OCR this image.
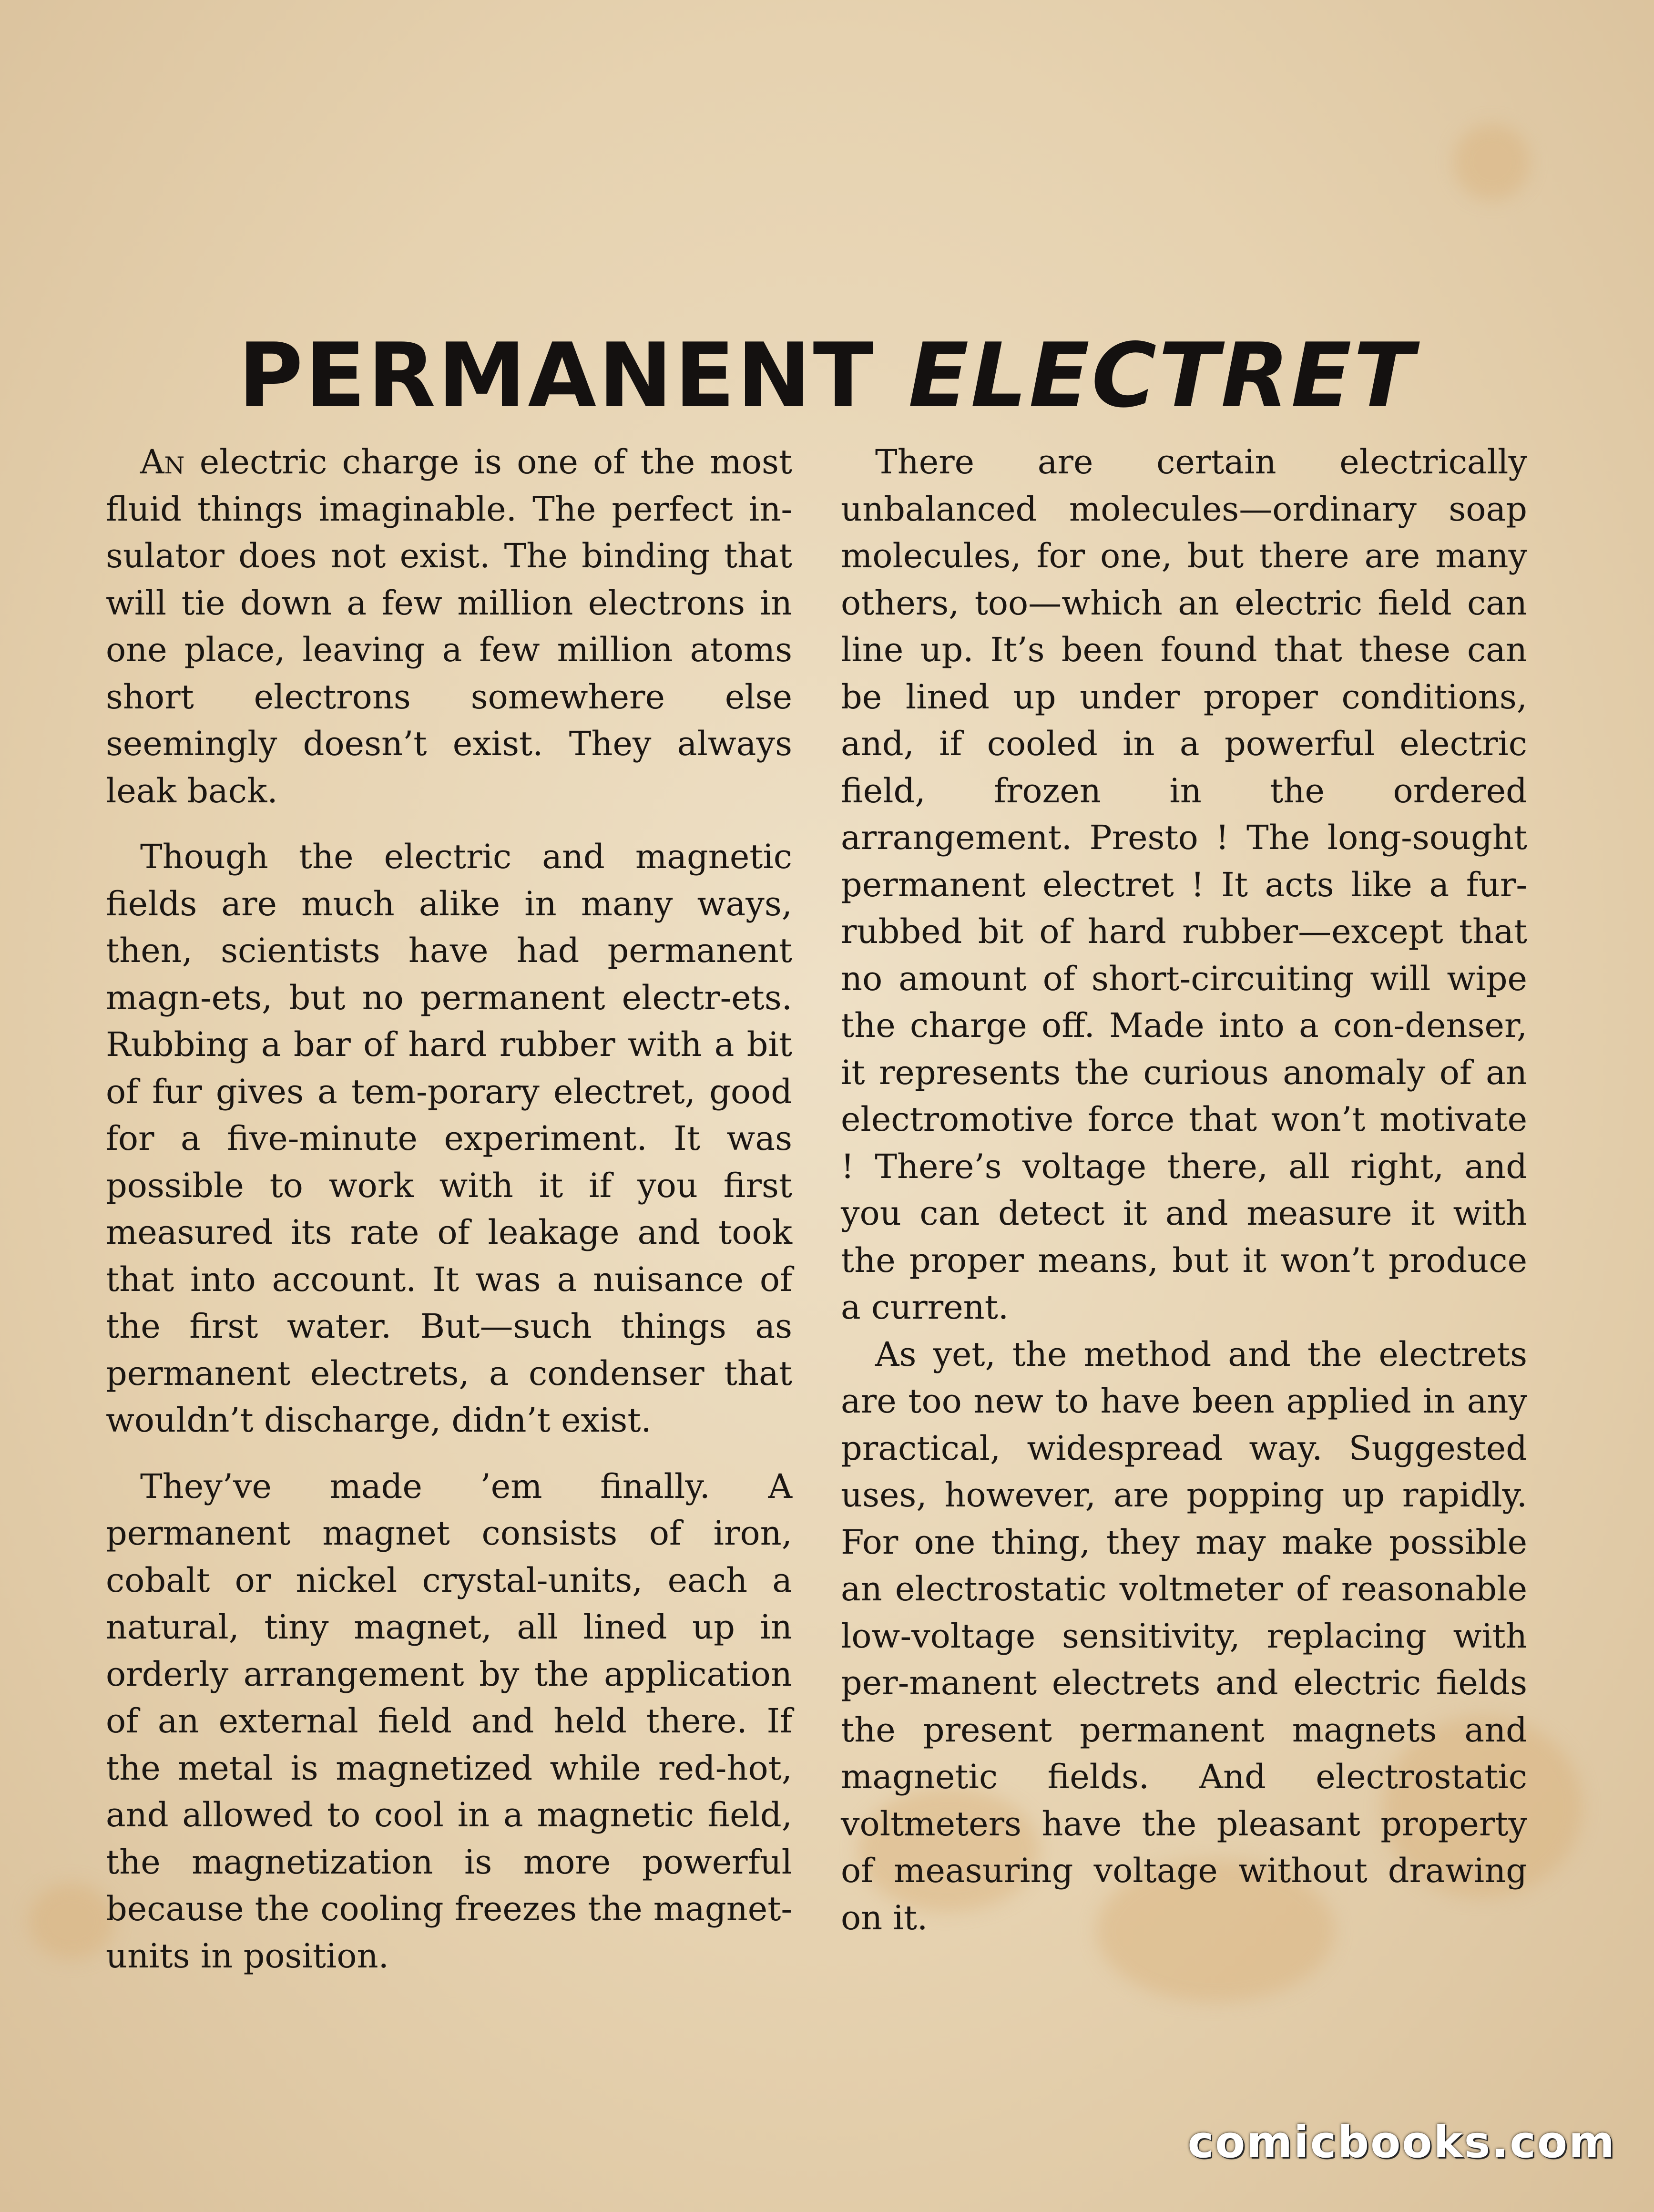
PERMANENT ELECTRET

An electric charge is one of the most fluid things imaginable. The perfect in-sulator does not exist. The binding that will tie down a few million electrons in one place, leaving a few million atoms short electrons somewhere else seemingly doesn’t exist. They always leak back.

Though the electric and magnetic fields are much alike in many ways, then, scientists have had permanent magn-ets, but no permanent electr-ets. Rubbing a bar of hard rubber with a bit of fur gives a tem-porary electret, good for a five-minute experiment. It was possible to work with it if you first measured its rate of leakage and took that into account. It was a nuisance of the first water. But—such things as permanent electrets, a condenser that wouldn’t discharge, didn’t exist.

They’ve made ’em finally. A permanent magnet consists of iron, cobalt or nickel crystal-units, each a natural, tiny magnet, all lined up in orderly arrangement by the application of an external field and held there. If the metal is magnetized while red-hot, and allowed to cool in a magnetic field, the magnetization is more powerful because the cooling freezes the magnet-units in position.

There are certain electrically unbalanced molecules—ordinary soap molecules, for one, but there are many others, too—which an electric field can line up. It’s been found that these can be lined up under proper conditions, and, if cooled in a powerful electric field, frozen in the ordered arrangement. Presto ! The long-sought permanent electret ! It acts like a fur-rubbed bit of hard rubber—except that no amount of short-circuiting will wipe the charge off. Made into a con-denser, it represents the curious anomaly of an electromotive force that won’t motivate ! There’s voltage there, all right, and you can detect it and measure it with the proper means, but it won’t produce a current.

As yet, the method and the electrets are too new to have been applied in any practical, widespread way. Suggested uses, however, are popping up rapidly. For one thing, they may make possible an electrostatic voltmeter of reasonable low-voltage sensitivity, replacing with per-manent electrets and electric fields the present permanent magnets and magnetic fields. And electrostatic voltmeters have the pleasant property of measuring voltage without drawing on it.

comicbooks.com
